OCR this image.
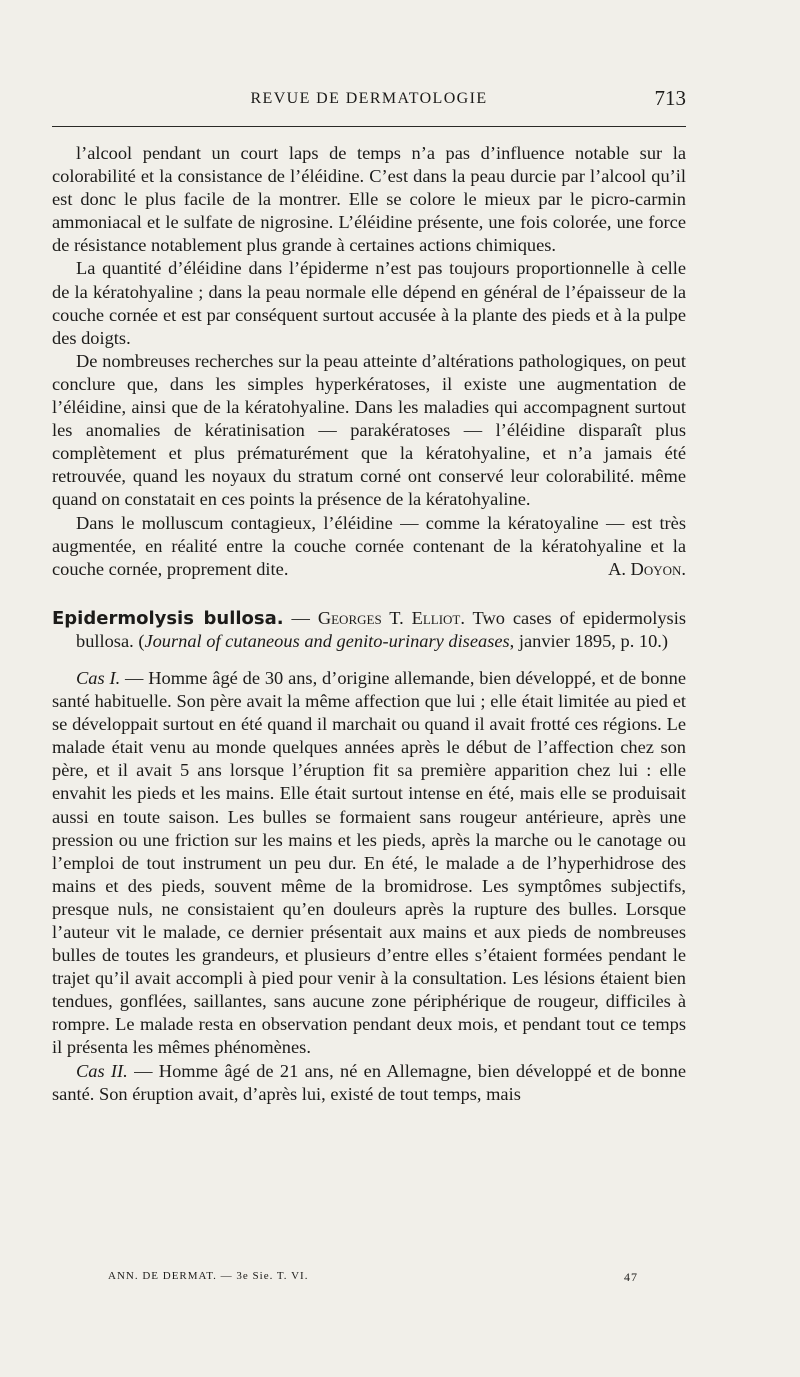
REVUE DE DERMATOLOGIE	713

l’alcool pendant un court laps de temps n’a pas d’influence notable sur la colorabilité et la consistance de l’éléidine. C’est dans la peau durcie par l’alcool qu’il est donc le plus facile de la montrer. Elle se colore le mieux par le picro-carmin ammoniacal et le sulfate de nigrosine. L’éléidine présente, une fois colorée, une force de résistance notablement plus grande à certaines actions chimiques.

La quantité d’éléidine dans l’épiderme n’est pas toujours proportionnelle à celle de la kératohyaline ; dans la peau normale elle dépend en général de l’épaisseur de la couche cornée et est par conséquent surtout accusée à la plante des pieds et à la pulpe des doigts.

De nombreuses recherches sur la peau atteinte d’altérations pathologiques, on peut conclure que, dans les simples hyperkératoses, il existe une augmentation de l’éléidine, ainsi que de la kératohyaline. Dans les maladies qui accompagnent surtout les anomalies de kératinisation — parakératoses — l’éléidine disparaît plus complètement et plus prématurément que la kératohyaline, et n’a jamais été retrouvée, quand les noyaux du stratum corné ont conservé leur colorabilité. même quand on constatait en ces points la présence de la kératohyaline.

Dans le molluscum contagieux, l’éléidine — comme la kératoyaline — est très augmentée, en réalité entre la couche cornée contenant de la kératohyaline et la couche cornée, proprement dite.	A. Doyon.

Epidermolysis bullosa. — Georges T. Elliot. Two cases of epidermolysis bullosa. (Journal of cutaneous and genito-urinary diseases, janvier 1895, p. 10.)

Cas I. — Homme âgé de 30 ans, d’origine allemande, bien développé, et de bonne santé habituelle. Son père avait la même affection que lui ; elle était limitée au pied et se développait surtout en été quand il marchait ou quand il avait frotté ces régions. Le malade était venu au monde quelques années après le début de l’affection chez son père, et il avait 5 ans lorsque l’éruption fit sa première apparition chez lui : elle envahit les pieds et les mains. Elle était surtout intense en été, mais elle se produisait aussi en toute saison. Les bulles se formaient sans rougeur antérieure, après une pression ou une friction sur les mains et les pieds, après la marche ou le canotage ou l’emploi de tout instrument un peu dur. En été, le malade a de l’hyperhidrose des mains et des pieds, souvent même de la bromidrose. Les symptômes subjectifs, presque nuls, ne consistaient qu’en douleurs après la rupture des bulles. Lorsque l’auteur vit le malade, ce dernier présentait aux mains et aux pieds de nombreuses bulles de toutes les grandeurs, et plusieurs d’entre elles s’étaient formées pendant le trajet qu’il avait accompli à pied pour venir à la consultation. Les lésions étaient bien tendues, gonflées, saillantes, sans aucune zone périphérique de rougeur, difficiles à rompre. Le malade resta en observation pendant deux mois, et pendant tout ce temps il présenta les mêmes phénomènes.

Cas II. — Homme âgé de 21 ans, né en Allemagne, bien développé et de bonne santé. Son éruption avait, d’après lui, existé de tout temps, mais

ANN. DE DERMAT. — 3e Sie. T. VI.	47
